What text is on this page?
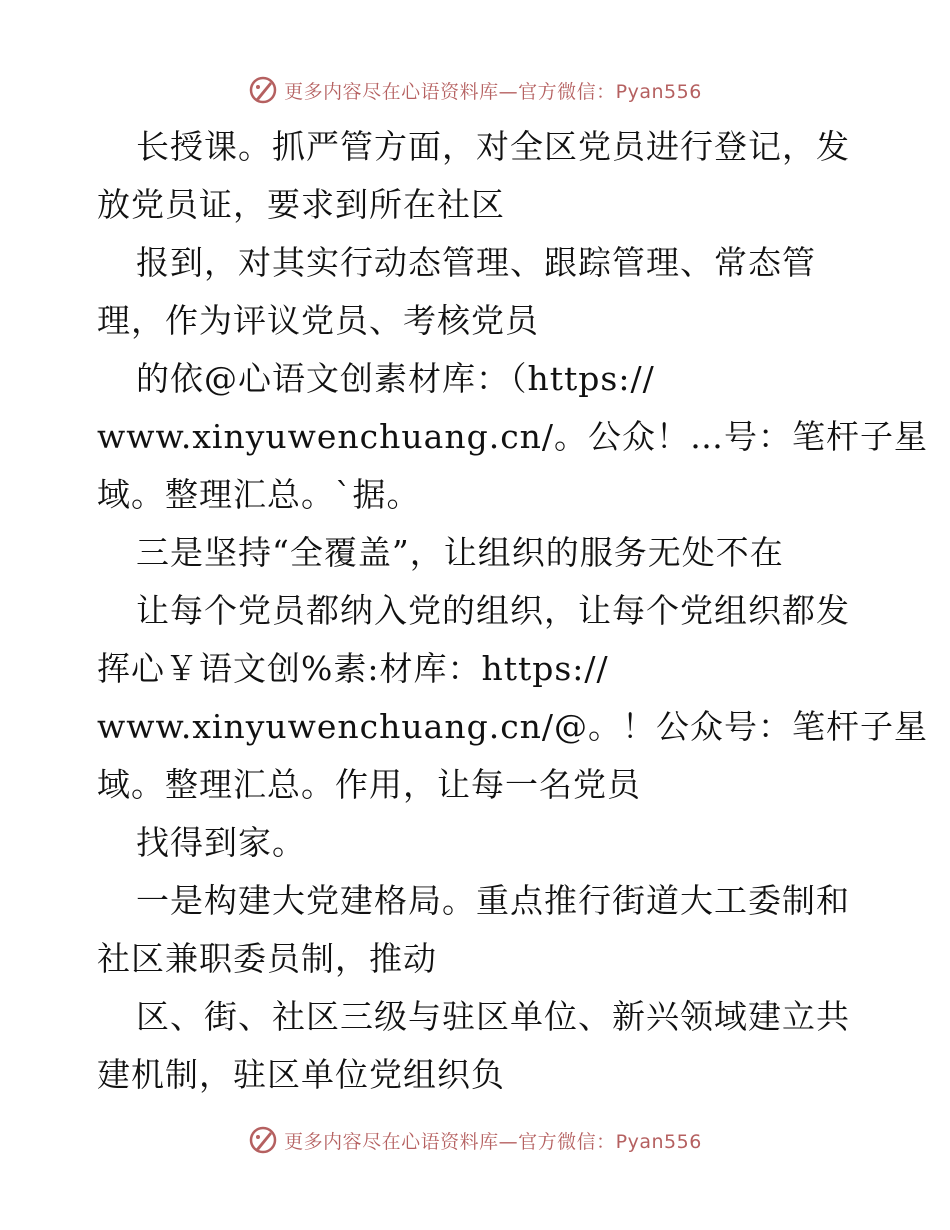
更多内容尽在心语资料库—官方微信：Pyan556
长授课。抓严管方面，对全区党员进行登记，发
放党员证，要求到所在社区
报到，对其实行动态管理、跟踪管理、常态管
理，作为评议党员、考核党员
的依@心语文创素材库：（https://
www.xinyuwenchuang.cn/。公众！…号：笔杆子星
域。整理汇总。`据。
三是坚持“全覆盖”，让组织的服务无处不在
让每个党员都纳入党的组织，让每个党组织都发
挥心￥语文创%素:材库：https://
www.xinyuwenchuang.cn/@。！公众号：笔杆子星
域。整理汇总。作用，让每一名党员
找得到家。
一是构建大党建格局。重点推行街道大工委制和
社区兼职委员制，推动
区、街、社区三级与驻区单位、新兴领域建立共
建机制，驻区单位党组织负
更多内容尽在心语资料库—官方微信：Pyan556
